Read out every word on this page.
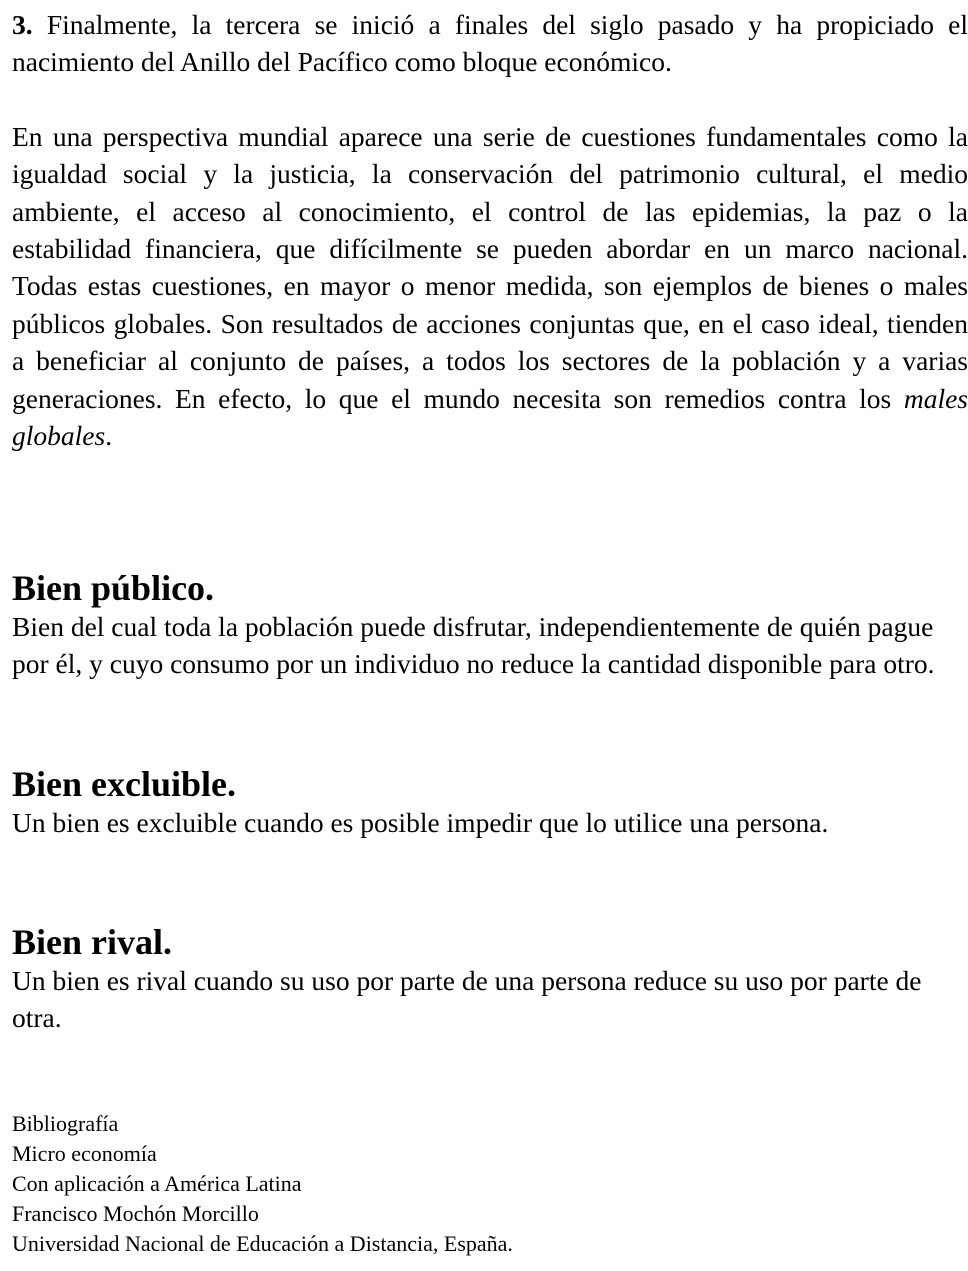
3. Finalmente, la tercera se inició a finales del siglo pasado y ha propiciado el nacimiento del Anillo del Pacífico como bloque económico.

En una perspectiva mundial aparece una serie de cuestiones fundamentales como la igualdad social y la justicia, la conservación del patrimonio cultural, el medio ambiente, el acceso al conocimiento, el control de las epidemias, la paz o la estabilidad financiera, que difícilmente se pueden abordar en un marco nacional. Todas estas cuestiones, en mayor o menor medida, son ejemplos de bienes o males públicos globales. Son resultados de acciones conjuntas que, en el caso ideal, tienden a beneficiar al conjunto de países, a todos los sectores de la población y a varias generaciones. En efecto, lo que el mundo necesita son remedios contra los males globales.

Bien público.

Bien del cual toda la población puede disfrutar, independientemente de quién pague por él, y cuyo consumo por un individuo no reduce la cantidad disponible para otro.

Bien excluible.

Un bien es excluible cuando es posible impedir que lo utilice una persona.

Bien rival.

Un bien es rival cuando su uso por parte de una persona reduce su uso por parte de otra.

Bibliografía
Micro economía
Con aplicación a América Latina
Francisco Mochón Morcillo
Universidad Nacional de Educación a Distancia, España.
